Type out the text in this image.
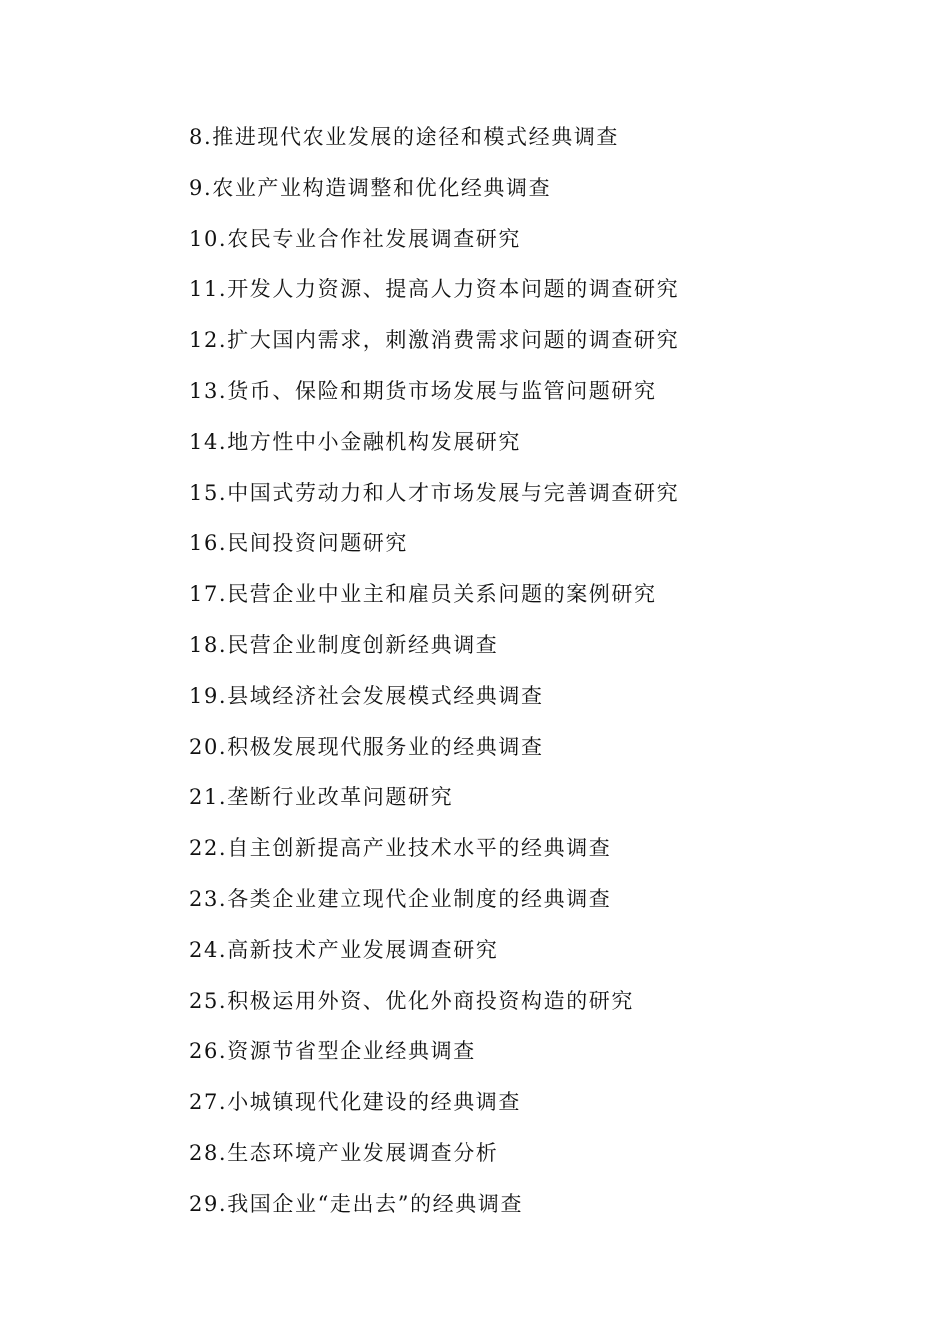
8.推进现代农业发展的途径和模式经典调查
9.农业产业构造调整和优化经典调查
10.农民专业合作社发展调查研究
11.开发人力资源、提高人力资本问题的调查研究
12.扩大国内需求，刺激消费需求问题的调查研究
13.货币、保险和期货市场发展与监管问题研究
14.地方性中小金融机构发展研究
15.中国式劳动力和人才市场发展与完善调查研究
16.民间投资问题研究
17.民营企业中业主和雇员关系问题的案例研究
18.民营企业制度创新经典调查
19.县域经济社会发展模式经典调查
20.积极发展现代服务业的经典调查
21.垄断行业改革问题研究
22.自主创新提高产业技术水平的经典调查
23.各类企业建立现代企业制度的经典调查
24.高新技术产业发展调查研究
25.积极运用外资、优化外商投资构造的研究
26.资源节省型企业经典调查
27.小城镇现代化建设的经典调查
28.生态环境产业发展调查分析
29.我国企业“走出去”的经典调查
